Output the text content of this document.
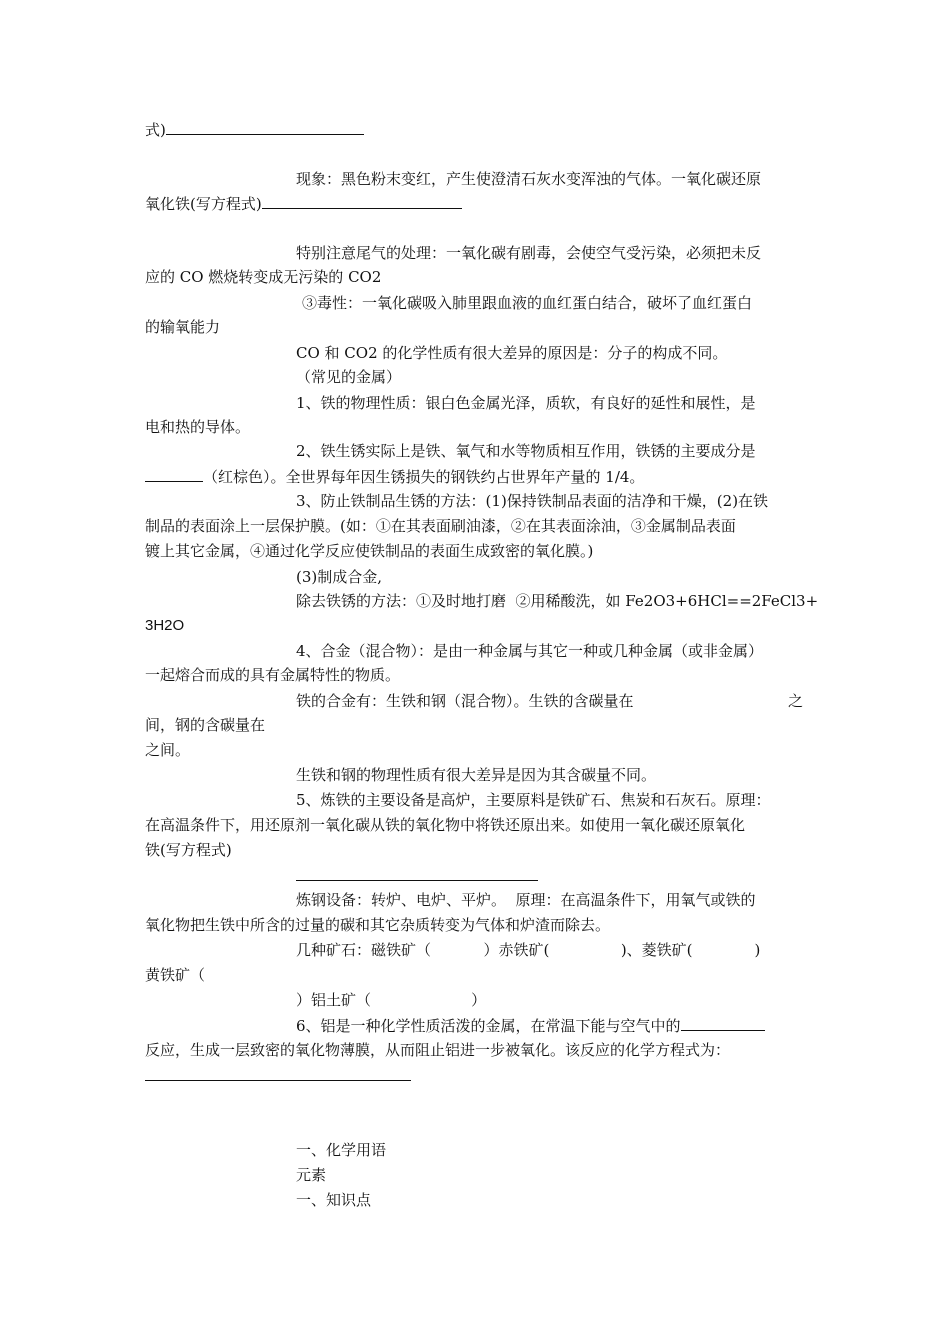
式)
现象：黑色粉末变红，产生使澄清石灰水变浑浊的气体。一氧化碳还原
氧化铁(写方程式)
特别注意尾气的处理：一氧化碳有剧毒，会使空气受污染，必须把未反
应的 CO 燃烧转变成无污染的 CO2
③毒性：一氧化碳吸入肺里跟血液的血红蛋白结合，破坏了血红蛋白
的输氧能力
CO 和 CO2 的化学性质有很大差异的原因是：分子的构成不同。
（常见的金属）
1、铁的物理性质：银白色金属光泽，质软，有良好的延性和展性，是
电和热的导体。
2、铁生锈实际上是铁、氧气和水等物质相互作用，铁锈的主要成分是
（红棕色）。全世界每年因生锈损失的钢铁约占世界年产量的 1/4。
3、防止铁制品生锈的方法：(1)保持铁制品表面的洁净和干燥，(2)在铁
制品的表面涂上一层保护膜。(如：①在其表面刷油漆，②在其表面涂油，③金属制品表面
镀上其它金属，④通过化学反应使铁制品的表面生成致密的氧化膜。)
(3)制成合金,
除去铁锈的方法：①及时地打磨  ②用稀酸洗，如 Fe2O3+6HCl==2FeCl3+
3H2O
4、合金（混合物）：是由一种金属与其它一种或几种金属（或非金属）
一起熔合而成的具有金属特性的物质。
铁的合金有：生铁和钢（混合物）。生铁的含碳量在	之
间，钢的含碳量在
之间。
生铁和钢的物理性质有很大差异是因为其含碳量不同。
5、炼铁的主要设备是高炉，主要原料是铁矿石、焦炭和石灰石。原理：
在高温条件下，用还原剂一氧化碳从铁的氧化物中将铁还原出来。如使用一氧化碳还原氧化
铁(写方程式)
炼钢设备：转炉、电炉、平炉。  原理：在高温条件下，用氧气或铁的
氧化物把生铁中所含的过量的碳和其它杂质转变为气体和炉渣而除去。
几种矿石：磁铁矿（           ）赤铁矿(               )、菱铁矿(             )
黄铁矿（
）铝土矿（                     ）
6、铝是一种化学性质活泼的金属，在常温下能与空气中的
反应，生成一层致密的氧化物薄膜，从而阻止铝进一步被氧化。该反应的化学方程式为：
一、化学用语
元素
一、知识点
